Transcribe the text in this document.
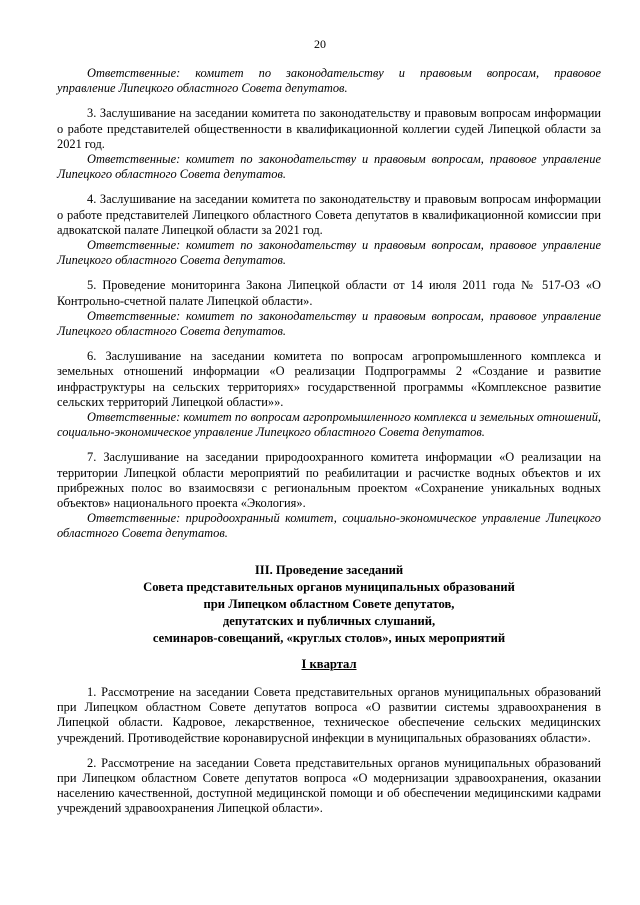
20

Ответственные: комитет по законодательству и правовым вопросам, правовое

управление Липецкого областного Совета депутатов.

3. Заслушивание на заседании комитета по законодательству и правовым вопросам информации о работе представителей общественности в квалификационной коллегии судей Липецкой области за 2021 год.

Ответственные: комитет по законодательству и правовым вопросам, правовое управление Липецкого областного Совета депутатов.

4. Заслушивание на заседании комитета по законодательству и правовым вопросам информации о работе представителей Липецкого областного Совета депутатов в квалификационной комиссии при адвокатской палате Липецкой области за 2021 год.

Ответственные: комитет по законодательству и правовым вопросам, правовое управление Липецкого областного Совета депутатов.

5. Проведение мониторинга Закона Липецкой области от 14 июля 2011 года № 517-ОЗ «О Контрольно-счетной палате Липецкой области».

Ответственные: комитет по законодательству и правовым вопросам, правовое управление Липецкого областного Совета депутатов.

6. Заслушивание на заседании комитета по вопросам агропромышленного комплекса и земельных отношений информации «О реализации Подпрограммы 2 «Создание и развитие инфраструктуры на сельских территориях» государственной программы «Комплексное развитие сельских территорий Липецкой области»».

Ответственные: комитет по вопросам агропромышленного комплекса и земельных отношений, социально-экономическое управление Липецкого областного Совета депутатов.

7. Заслушивание на заседании природоохранного комитета информации «О реализации на территории Липецкой области мероприятий по реабилитации и расчистке водных объектов и их прибрежных полос во взаимосвязи с региональным проектом «Сохранение уникальных водных объектов» национального проекта «Экология».

Ответственные: природоохранный комитет, социально-экономическое управление Липецкого областного Совета депутатов.

III. Проведение заседаний

Совета представительных органов муниципальных образований

при Липецком областном Совете депутатов,

депутатских и публичных слушаний,

семинаров-совещаний, «круглых столов», иных мероприятий

I квартал

1. Рассмотрение на заседании Совета представительных органов муниципальных образований при Липецком областном Совете депутатов вопроса «О развитии системы здравоохранения в Липецкой области. Кадровое, лекарственное, техническое обеспечение сельских медицинских учреждений. Противодействие коронавирусной инфекции в муниципальных образованиях области».

2. Рассмотрение на заседании Совета представительных органов муниципальных образований при Липецком областном Совете депутатов вопроса «О модернизации здравоохранения, оказании населению качественной, доступной медицинской помощи и об обеспечении медицинскими кадрами учреждений здравоохранения Липецкой области».
